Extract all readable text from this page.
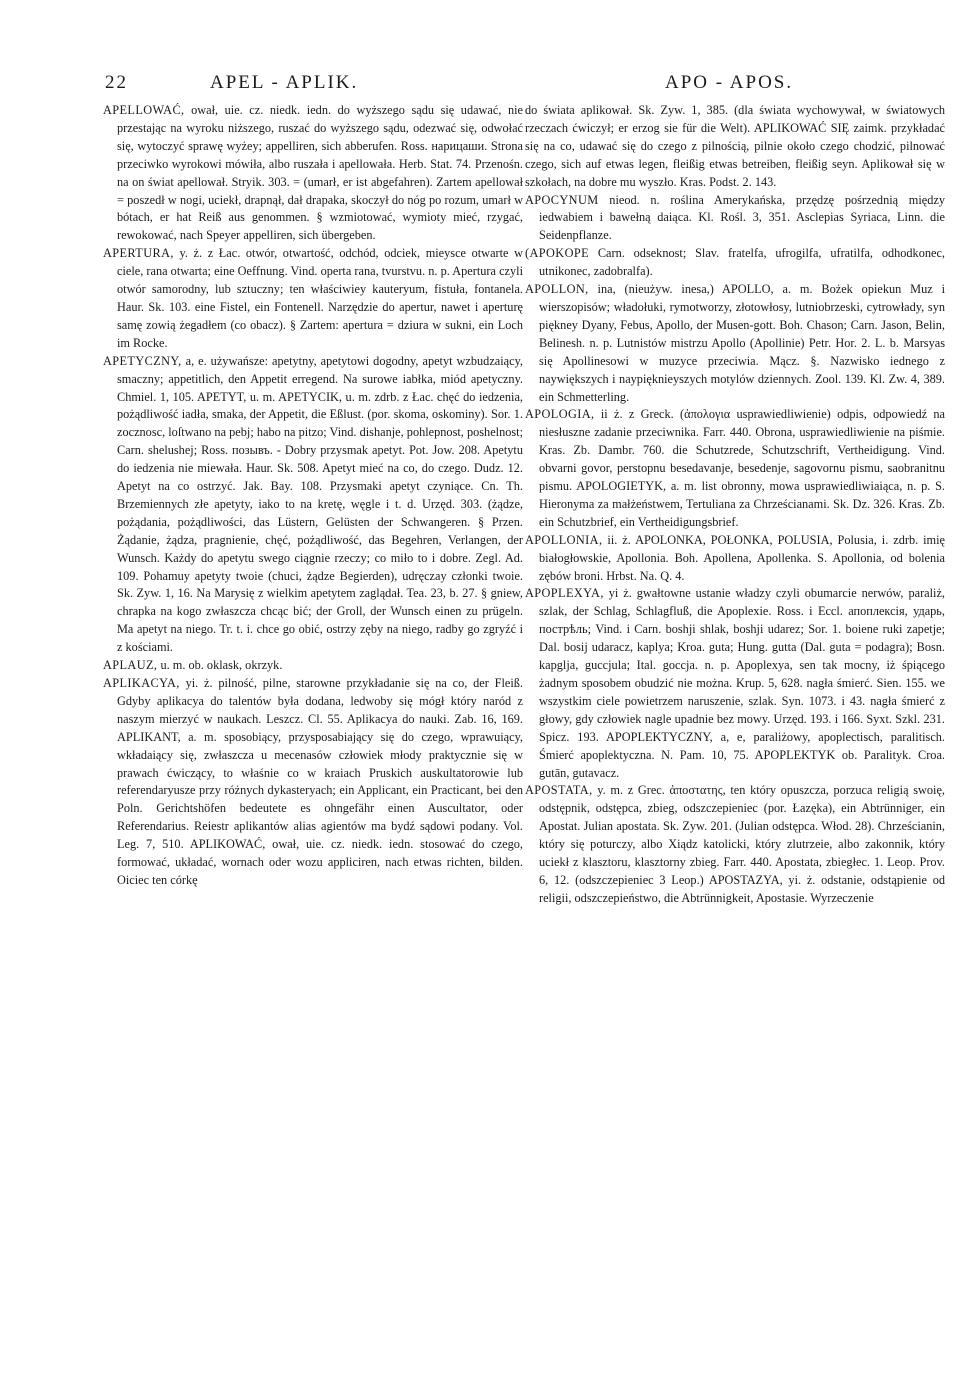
22	APEL - APLIK.	APO - APOS.

APELLOWAĆ, ował, uie. cz. niedk. iedn. do wyższego sądu się udawać, nie przestając na wyroku niższego, ruszać do wyższego sądu, odezwać się, odwołać się, wytoczyć sprawę wyżey; appelliren, sich abberufen. Ross. нарицаши. Strona przeciwko wyrokowi mówiła, albo ruszała i apellowała. Herb. Stat. 74. Przenośn. na on świat apellował. Stryik. 303. = (umarł, er ist abgefahren). Zartem apellował = poszedł w nogi, uciekł, drapnął, dał drapaka, skoczył do nóg po rozum, umarł w bótach, er hat Reiß aus genommen. § wzmiotować, wymioty mieć, rzygać, rewokować, nach Speyer appelliren, sich übergeben.

APERTURA, y. ż. z Łac. otwór, otwartość, odchód, odciek, mieysce otwarte w ciele, rana otwarta; eine Oeffnung. Vind. operta rana, tvurstvu. n. p. Apertura czyli otwór samorodny, lub sztuczny; ten właściwiey kauteryum, fistuła, fontanela. Haur. Sk. 103. eine Fistel, ein Fontenell. Narzędzie do apertur, nawet i aperturę samę zowią żegadłem (co obacz). § Zartem: apertura = dziura w sukni, ein Loch im Rocke.

APETYCZNY, a, e. używańsze: apetytny, apetytowi dogodny, apetyt wzbudzaiący, smaczny; appetitlich, den Appetit erregend. Na surowe iabłka, miód apetyczny. Chmiel. 1, 105. APETYT, u. m. APETYCIK, u. m. zdrb. z Łac. chęć do iedzenia, pożądliwość iadła, smaka, der Appetit, die Eßlust. (por. skoma, oskominy). Sor. 1. zocznosc, loſtwano na pebj; habo na pitzo; Vind. dishanje, pohlepnost, poshelnost; Carn. shelushej; Ross. позывъ. - Dobry przysmak apetyt. Pot. Jow. 208. Apetytu do iedzenia nie miewała. Haur. Sk. 508. Apetyt mieć na co, do czego. Dudz. 12. Apetyt na co ostrzyć. Jak. Bay. 108. Przysmaki apetyt czyniące. Cn. Th. Brzemiennych złe apetyty, iako to na kretę, węgle i t. d. Urzęd. 303. (żądze, pożądania, pożądliwości, das Lüstern, Gelüsten der Schwangeren. § Przen. Żądanie, żądza, pragnienie, chęć, pożądliwość, das Begehren, Verlangen, der Wunsch. Każdy do apetytu swego ciągnie rzeczy; co miło to i dobre. Zegl. Ad. 109. Pohamuy apetyty twoie (chuci, żądze Begierden), udręczay członki twoie. Sk. Zyw. 1, 16. Na Marysię z wielkim apetytem zaglądał. Tea. 23, b. 27. § gniew, chrapka na kogo zwłaszcza chcąc bić; der Groll, der Wunsch einen zu prügeln. Ma apetyt na niego. Tr. t. i. chce go obić, ostrzy zęby na niego, radby go zgryźć i z kościami.

APLAUZ, u. m. ob. oklask, okrzyk.

APLIKACYA, yi. ż. pilność, pilne, starowne przykładanie się na co, der Fleiß. Gdyby aplikacya do talentów była dodana, ledwoby się mógł który naród z naszym mierzyć w naukach. Leszcz. Cl. 55. Aplikacya do nauki. Zab. 16, 169. APLIKANT, a. m. sposobiący, przysposabiający się do czego, wprawuiący, wkładaiący się, zwłaszcza u mecenasów człowiek młody praktycznie się w prawach ćwiczący, to właśnie co w kraiach Pruskich auskultatorowie lub referendaryusze przy różnych dykasteryach; ein Applicant, ein Practicant, bei den Poln. Gerichtshöfen bedeutete es ohngefähr einen Auscultator, oder Referendarius. Reiestr aplikantów alias agientów ma bydź sądowi podany. Vol. Leg. 7, 510. APLIKOWAĆ, ował, uie. cz. niedk. iedn. stosować do czego, formować, układać, wornach oder wozu appliciren, nach etwas richten, bilden. Oiciec ten córkę

do świata aplikował. Sk. Zyw. 1, 385. (dla świata wychowywał, w światowych rzeczach ćwiczył; er erzog sie für die Welt). APLIKOWAĆ SIĘ zaimk. przykładać się na co, udawać się do czego z pilnością, pilnie około czego chodzić, pilnować czego, sich auf etwas legen, fleißig etwas betreiben, fleißig seyn. Aplikował się w szkołach, na dobre mu wyszło. Kras. Podst. 2. 143.

APOCYNUM nieod. n. roślina Amerykańska, przędzę pośrzednią między iedwabiem i bawełną daiąca. Kl. Rośl. 3, 351. Asclepias Syriaca, Linn. die Seidenpflanze.

(APOKOPE Carn. odseknost; Slav. fratelfa, ufrogilfa, ufratilfa, odhodkonec, utnikonec, zadobralfa).

APOLLON, ina, (nieużyw. inesa,) APOLLO, a. m. Bożek opiekun Muz i wierszopisów; władołuki, rymotworzy, złotowłosy, lutniobrzeski, cytrowłady, syn piękney Dyany, Febus, Apollo, der Musen-gott. Boh. Chason; Carn. Jason, Belin, Belinesh. n. p. Lutnistów mistrzu Apollo (Apollinie) Petr. Hor. 2. L. b. Marsyas się Apollinesowi w muzyce przeciwia. Mącz. §. Nazwisko iednego z naywiększych i naypięknieyszych motylów dziennych. Zool. 139. Kl. Zw. 4, 389. ein Schmetterling.

APOLOGIA, ii ż. z Greck. (ἀπολογια usprawiedliwienie) odpis, odpowiedź na niesłuszne zadanie przeciwnika. Farr. 440. Obrona, usprawiedliwienie na piśmie. Kras. Zb. Dambr. 760. die Schutzrede, Schutzschrift, Vertheidigung. Vind. obvarni govor, perstopnu besedavanje, besedenje, sagovornu pismu, saobranitnu pismu. APOLOGIETYK, a. m. list obronny, mowa usprawiedliwiaiąca, n. p. S. Hieronyma za małżeństwem, Tertuliana za Chrześcianami. Sk. Dz. 326. Kras. Zb. ein Schutzbrief, ein Vertheidigungsbrief.

APOLLONIA, ii. ż. APOLONKA, POŁONKA, POLUSIA, Polusia, i. zdrb. imię białogłowskie, Apollonia. Boh. Apollena, Apollenka. S. Apollonia, od bolenia zębów broni. Hrbst. Na. Q. 4.

APOPLEXYA, yi ż. gwałtowne ustanie władzy czyli obumarcie nerwów, paraliż, szlak, der Schlag, Schlagfluß, die Apoplexie. Ross. i Eccl. апоплексія, ударь, пострѣль; Vind. i Carn. boshji shlak, boshji udarez; Sor. 1. boiene ruki zapetje; Dal. bosij udaracz, kaplya; Kroa. guta; Hung. gutta (Dal. guta = podagra); Bosn. kapglja, guccjula; Ital. goccja. n. p. Apoplexya, sen tak mocny, iż śpiącego żadnym sposobem obudzić nie można. Krup. 5, 628. nagła śmierć. Sien. 155. we wszystkim ciele powietrzem naruszenie, szlak. Syn. 1073. i 43. nagła śmierć z głowy, gdy człowiek nagle upadnie bez mowy. Urzęd. 193. i 166. Syxt. Szkl. 231. Spicz. 193. APOPLEKTYCZNY, a, e, paraliżowy, apoplectisch, paralitisch. Śmierć apoplektyczna. N. Pam. 10, 75. APOPLEKTYK ob. Paralityk. Croa. gutān, gutavacz.

APOSTATA, y. m. z Grec. ἀποστατης, ten który opuszcza, porzuca religią swoię, odstępnik, odstępca, zbieg, odszczepieniec (por. Łazęka), ein Abtrünniger, ein Apostat. Julian apostata. Sk. Zyw. 201. (Julian odstępca. Włod. 28). Chrześcianin, który się poturczy, albo Xiądz katolicki, który zlutrzeie, albo zakonnik, który uciekł z klasztoru, klasztorny zbieg. Farr. 440. Apostata, zbiegłec. 1. Leop. Prov. 6, 12. (odszczepieniec 3 Leop.) APOSTAZYA, yi. ż. odstanie, odstąpienie od religii, odszczepieństwo, die Abtrünnigkeit, Apostasie. Wyrzeczenie
